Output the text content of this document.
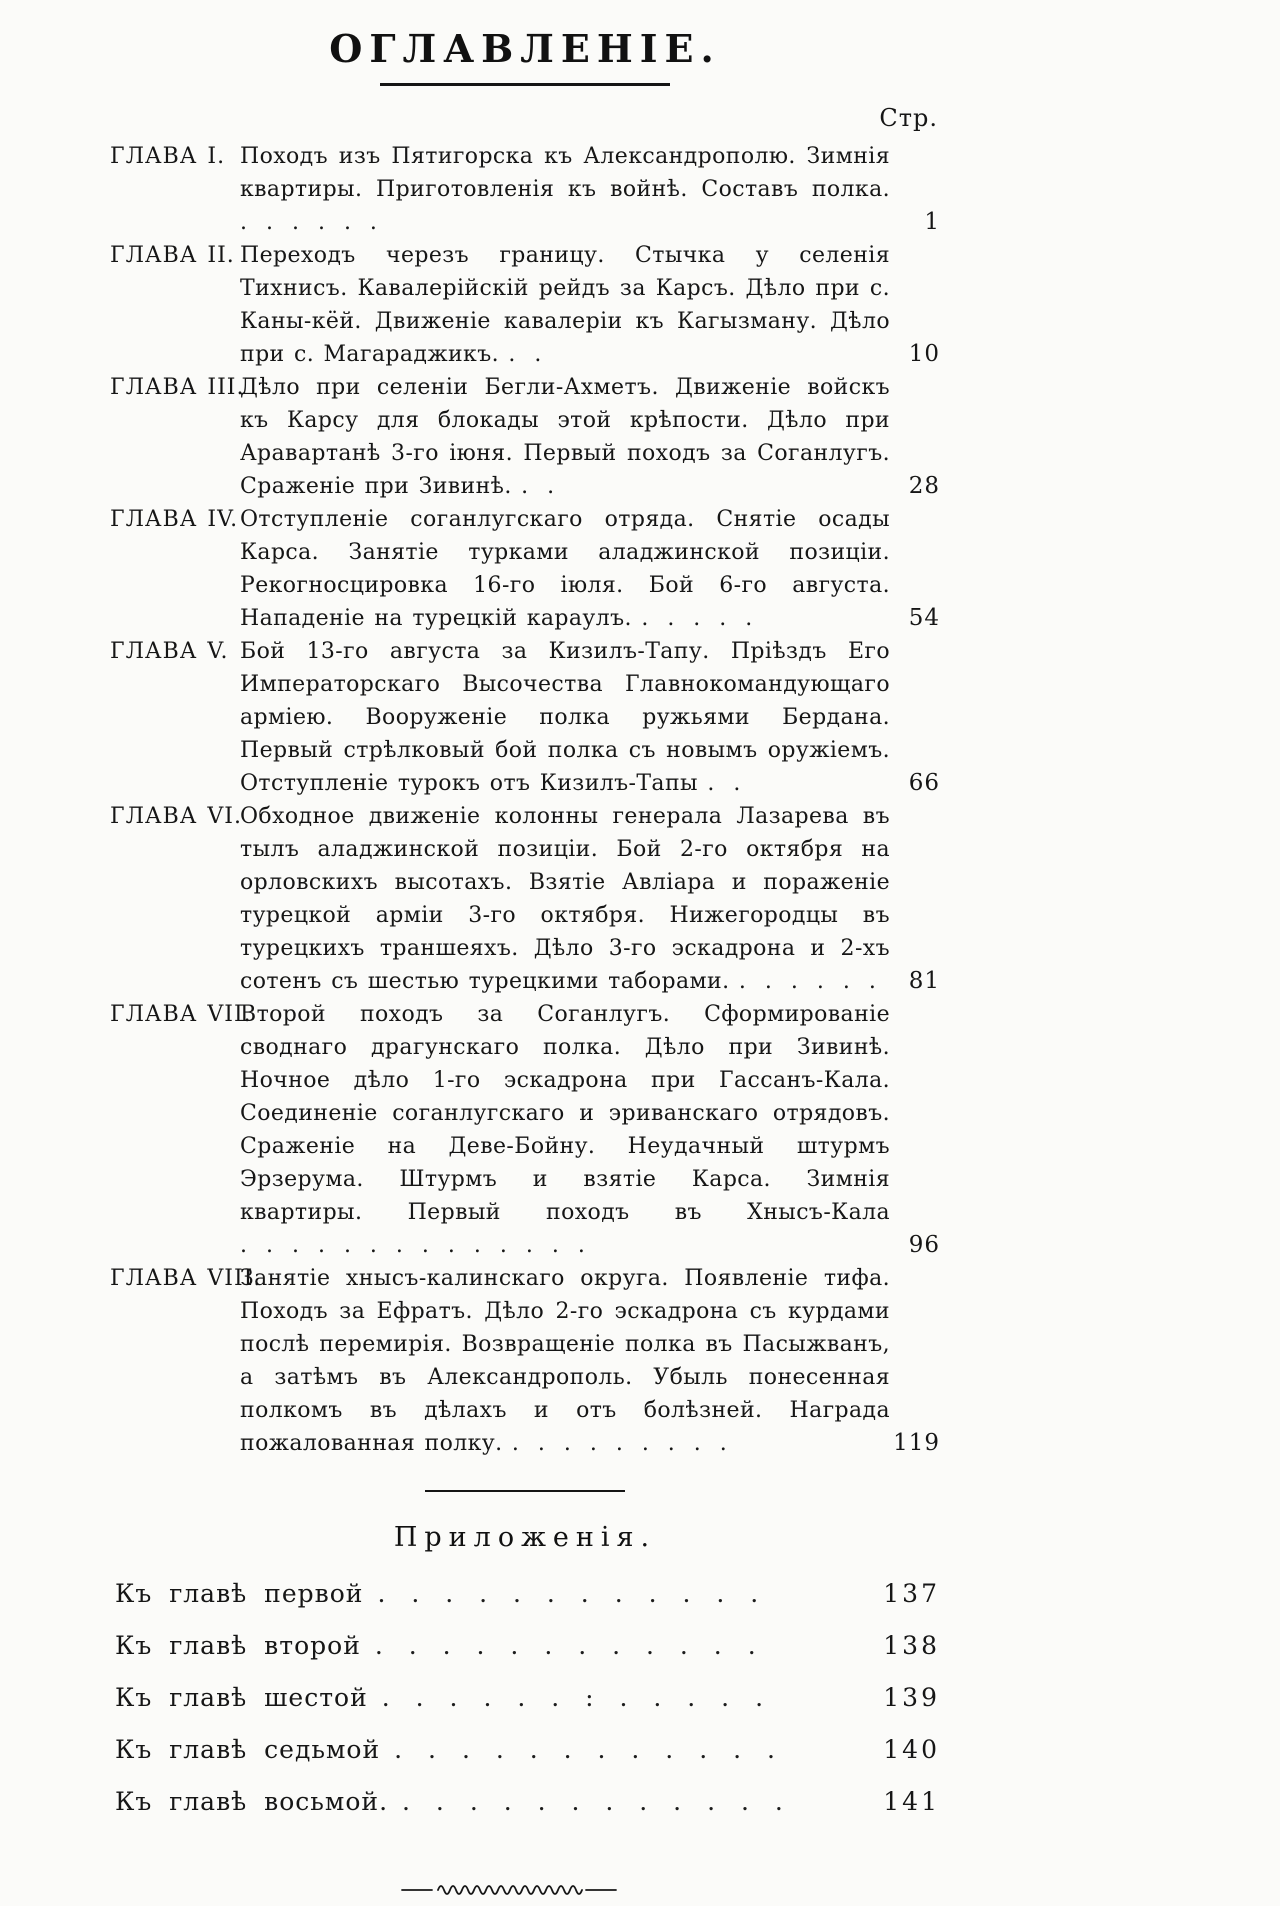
ОГЛАВЛЕНІЕ.
Стр.
ГЛАВА I. Походъ изъ Пятигорска къ Александрополю. Зимнія квартиры. Приготовленія къ войнѣ. Составъ полка. . . . . . .	1
ГЛАВА II. Переходъ черезъ границу. Стычка у селенія Тихнисъ. Кавалерійскій рейдъ за Карсъ. Дѣло при с. Каны-кёй. Движеніе кавалеріи къ Кагызману. Дѣло при с. Магараджикъ. . .	10
ГЛАВА III.
Дѣло при селеніи Бегли-Ахметъ. Движеніе войскъ къ Карсу для блокады этой крѣпости. Дѣло при Аравартанѣ 3-го іюня. Первый походъ за Соганлугъ. Сраженіе при Зивинѣ. . .	28
ГЛАВА IV. Отступленіе соганлугскаго отряда. Снятіе осады Карса. Занятіе турками аладжинской позиціи. Рекогносцировка 16-го іюля. Бой 6-го августа. Нападеніе на турецкій караулъ. . . . . .	54
ГЛАВА V. Бой 13-го августа за Кизилъ-Тапу. Пріѣздъ Его Императорскаго Высочества Главнокомандующаго арміею. Вооруженіе полка ружьями Бердана. Первый стрѣлковый бой полка съ новымъ оружіемъ. Отступленіе турокъ отъ Кизилъ-Тапы . .	66
ГЛАВА VI.
Обходное движеніе колонны генерала Лазарева въ тылъ аладжинской позиціи. Бой 2-го октября на орловскихъ высотахъ. Взятіе Авліара и пораженіе турецкой арміи 3-го октября. Нижегородцы въ турецкихъ траншеяхъ. Дѣло 3-го эскадрона и 2-хъ сотенъ съ шестью турецкими таборами. . . . . . .	81
ГЛАВА VII.
Второй походъ за Соганлугъ. Сформированіе своднаго драгунскаго полка. Дѣло при Зивинѣ. Ночное дѣло 1-го эскадрона при Гассанъ-Кала. Соединеніе соганлугскаго и эриванскаго отрядовъ. Сраженіе на Деве-Бойну. Неудачный штурмъ Эрзерума. Штурмъ и взятіе Карса. Зимнія квартиры. Первый походъ въ Хнысъ-Кала . . . . . . . . . . . . . .	96
ГЛАВА VIII.
Занятіе хнысъ-калинскаго округа. Появленіе тифа. Походъ за Ефратъ. Дѣло 2-го эскадрона съ курдами послѣ перемирія. Возвращеніе полка въ Пасыжванъ, а затѣмъ въ Александрополь. Убыль понесенная полкомъ въ дѣлахъ и отъ болѣзней. Награда пожалованная полку. . . . . . . . . .	119
Приложенія.
Къ главѣ первой . . . . . . . . . . . .	137
Къ главѣ второй . . . . . . . . . . . .	138
Къ главѣ шестой . . . . . . : . . . . .	139
Къ главѣ седьмой . . . . . . . . . . . .	140
Къ главѣ восьмой. . . . . . . . . . . . .	141
